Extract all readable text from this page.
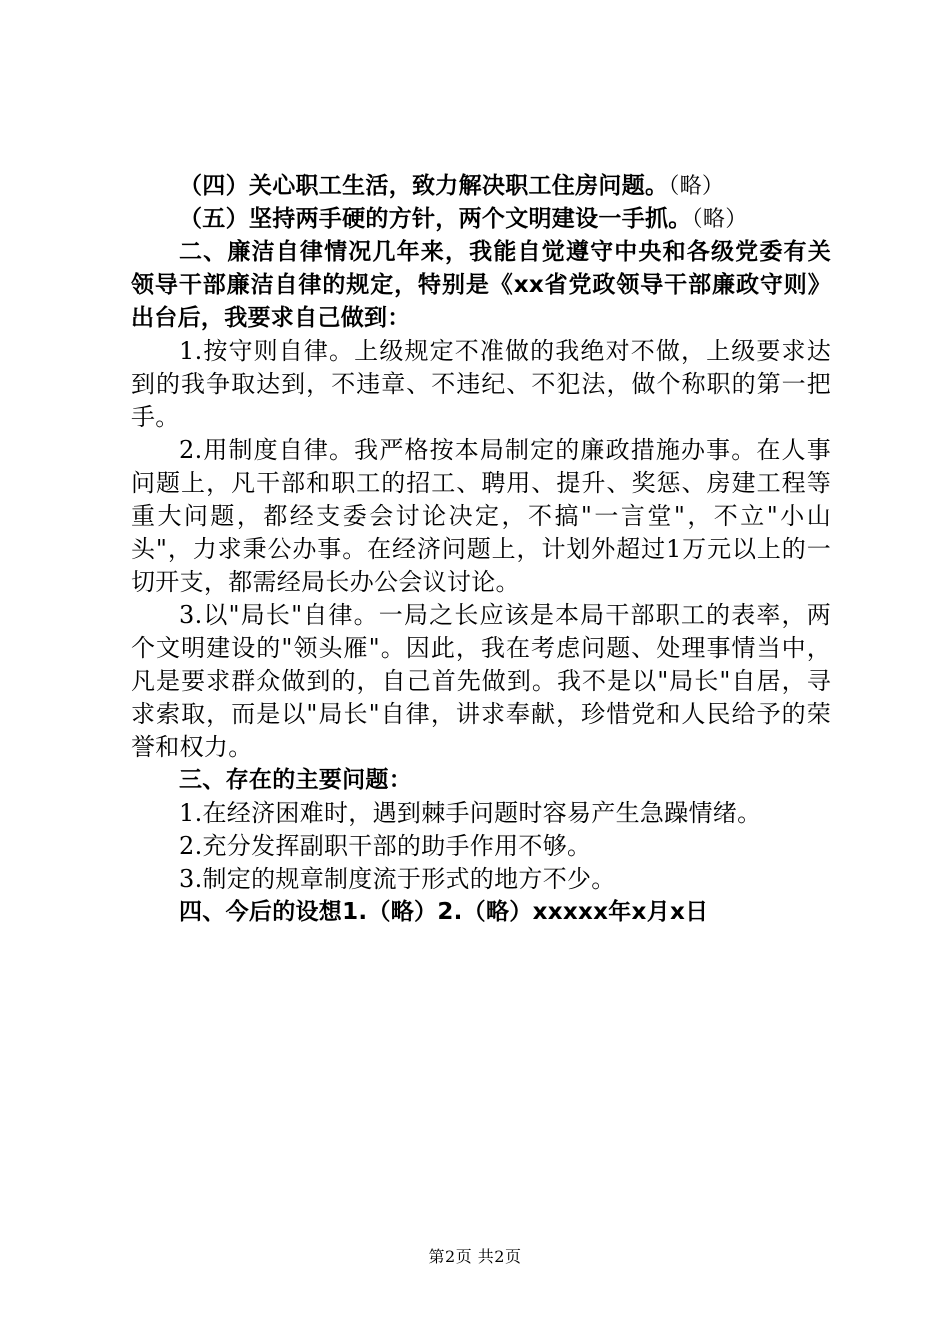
（四）关心职工生活，致力解决职工住房问题。（略）

（五）坚持两手硬的方针，两个文明建设一手抓。（略）

二、廉洁自律情况几年来，我能自觉遵守中央和各级党委有关领导干部廉洁自律的规定，特别是《xx省党政领导干部廉政守则》出台后，我要求自己做到：

1.按守则自律。上级规定不准做的我绝对不做，上级要求达到的我争取达到，不违章、不违纪、不犯法，做个称职的第一把手。

2.用制度自律。我严格按本局制定的廉政措施办事。在人事问题上，凡干部和职工的招工、聘用、提升、奖惩、房建工程等重大问题，都经支委会讨论决定，不搞"一言堂"，不立"小山头"，力求秉公办事。在经济问题上，计划外超过1万元以上的一切开支，都需经局长办公会议讨论。

3.以"局长"自律。一局之长应该是本局干部职工的表率，两个文明建设的"领头雁"。因此，我在考虑问题、处理事情当中，凡是要求群众做到的，自己首先做到。我不是以"局长"自居，寻求索取，而是以"局长"自律，讲求奉献，珍惜党和人民给予的荣誉和权力。

三、存在的主要问题：

1.在经济困难时，遇到棘手问题时容易产生急躁情绪。

2.充分发挥副职干部的助手作用不够。

3.制定的规章制度流于形式的地方不少。

四、今后的设想1.（略）2.（略）xxxxx年x月x日

第2页 共2页
